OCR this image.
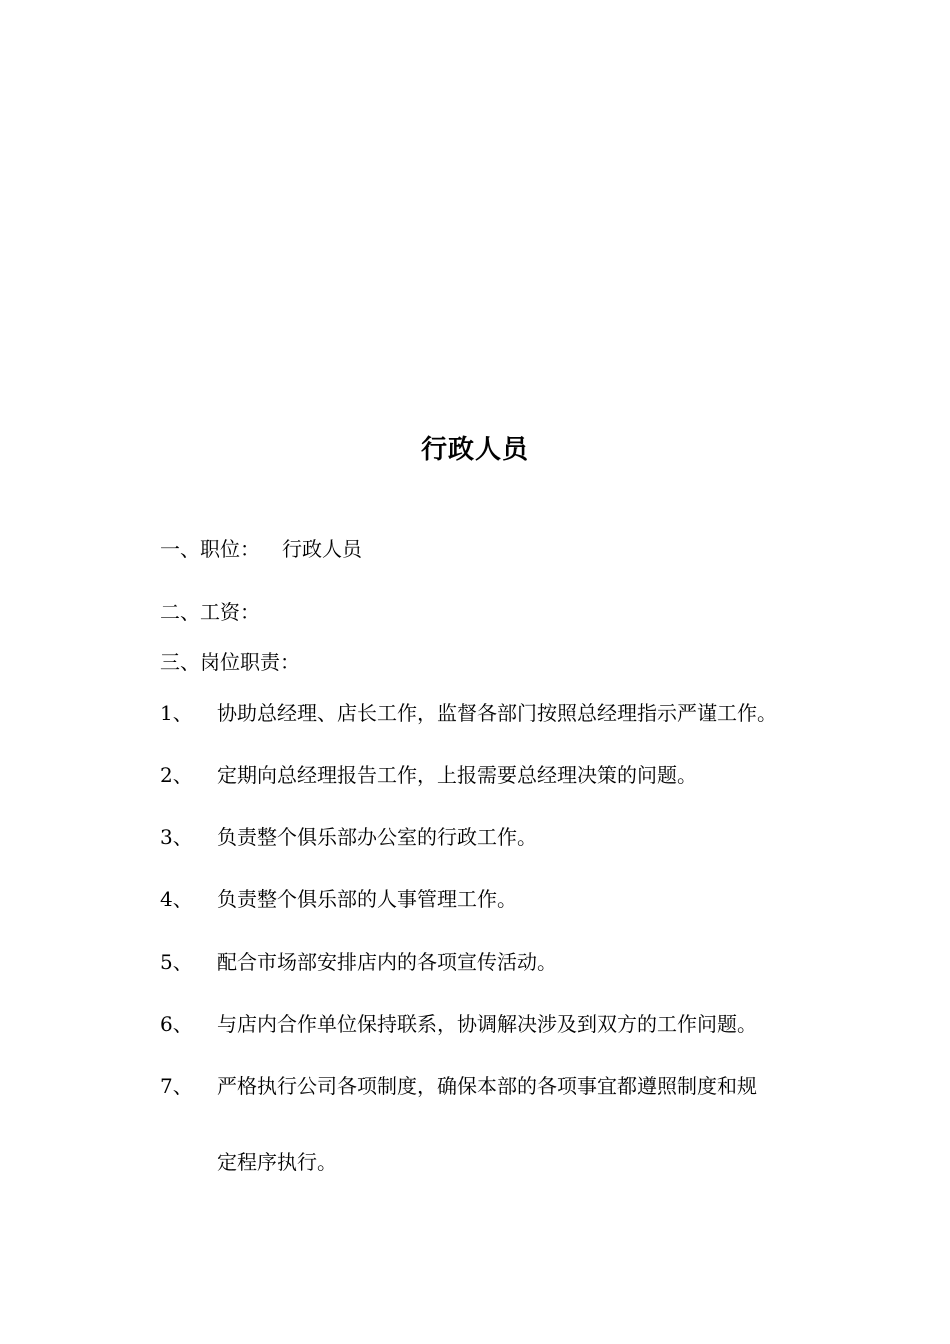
行政人员
一、职位： 行政人员
二、工资：
三、岗位职责：
1、 协助总经理、店长工作，监督各部门按照总经理指示严谨工作。
2、 定期向总经理报告工作，上报需要总经理决策的问题。
3、 负责整个俱乐部办公室的行政工作。
4、 负责整个俱乐部的人事管理工作。
5、 配合市场部安排店内的各项宣传活动。
6、 与店内合作单位保持联系，协调解决涉及到双方的工作问题。
7、 严格执行公司各项制度，确保本部的各项事宜都遵照制度和规
定程序执行。
